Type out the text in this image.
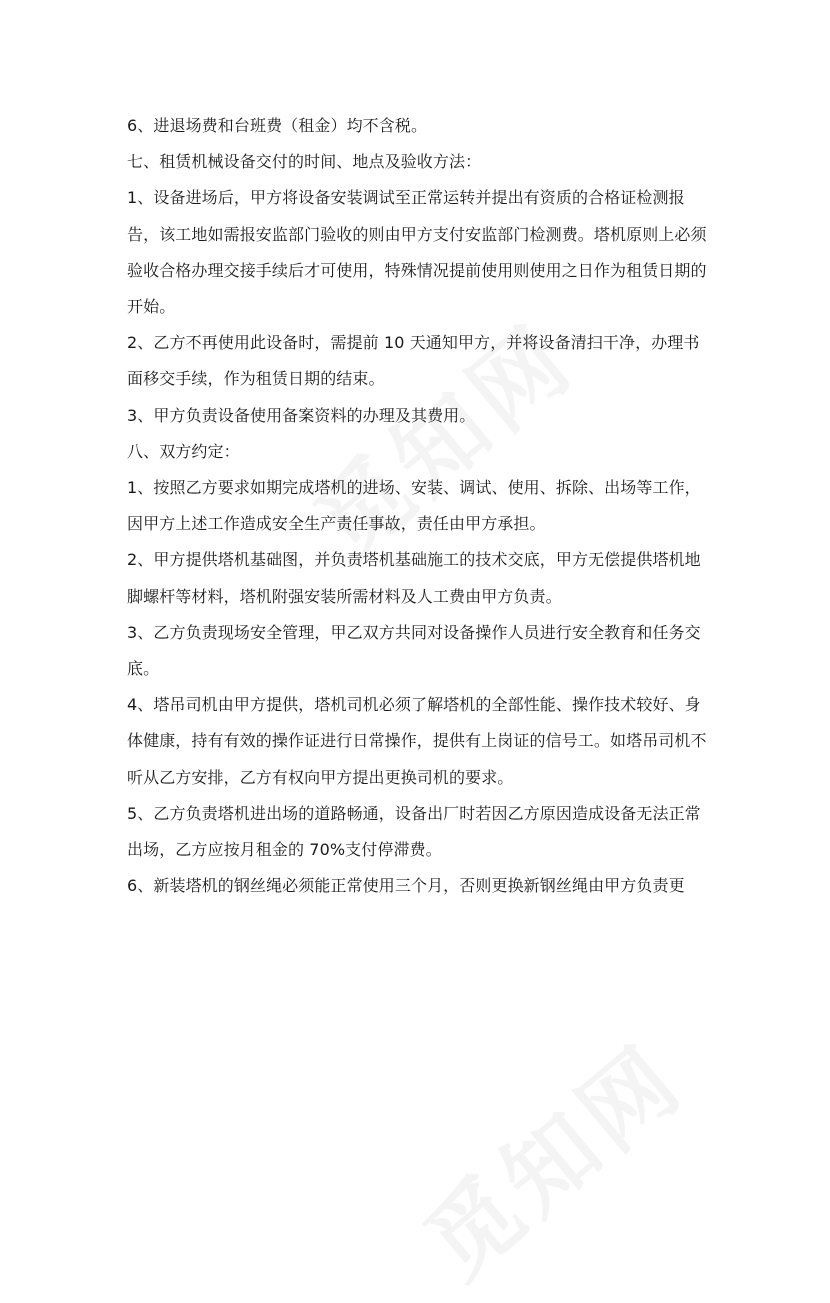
6、进退场费和台班费（租金）均不含税。

七、租赁机械设备交付的时间、地点及验收方法：

1、设备进场后，甲方将设备安装调试至正常运转并提出有资质的合格证检测报告，该工地如需报安监部门验收的则由甲方支付安监部门检测费。塔机原则上必须验收合格办理交接手续后才可使用，特殊情况提前使用则使用之日作为租赁日期的开始。

2、乙方不再使用此设备时，需提前 10 天通知甲方，并将设备清扫干净，办理书面移交手续，作为租赁日期的结束。

3、甲方负责设备使用备案资料的办理及其费用。

八、双方约定：

1、按照乙方要求如期完成塔机的进场、安装、调试、使用、拆除、出场等工作，因甲方上述工作造成安全生产责任事故，责任由甲方承担。

2、甲方提供塔机基础图，并负责塔机基础施工的技术交底，甲方无偿提供塔机地脚螺杆等材料，塔机附强安装所需材料及人工费由甲方负责。

3、乙方负责现场安全管理，甲乙双方共同对设备操作人员进行安全教育和任务交底。

4、塔吊司机由甲方提供，塔机司机必须了解塔机的全部性能、操作技术较好、身体健康，持有有效的操作证进行日常操作，提供有上岗证的信号工。如塔吊司机不听从乙方安排，乙方有权向甲方提出更换司机的要求。

5、乙方负责塔机进出场的道路畅通，设备出厂时若因乙方原因造成设备无法正常出场，乙方应按月租金的 70%支付停滞费。

6、新装塔机的钢丝绳必须能正常使用三个月，否则更换新钢丝绳由甲方负责更
